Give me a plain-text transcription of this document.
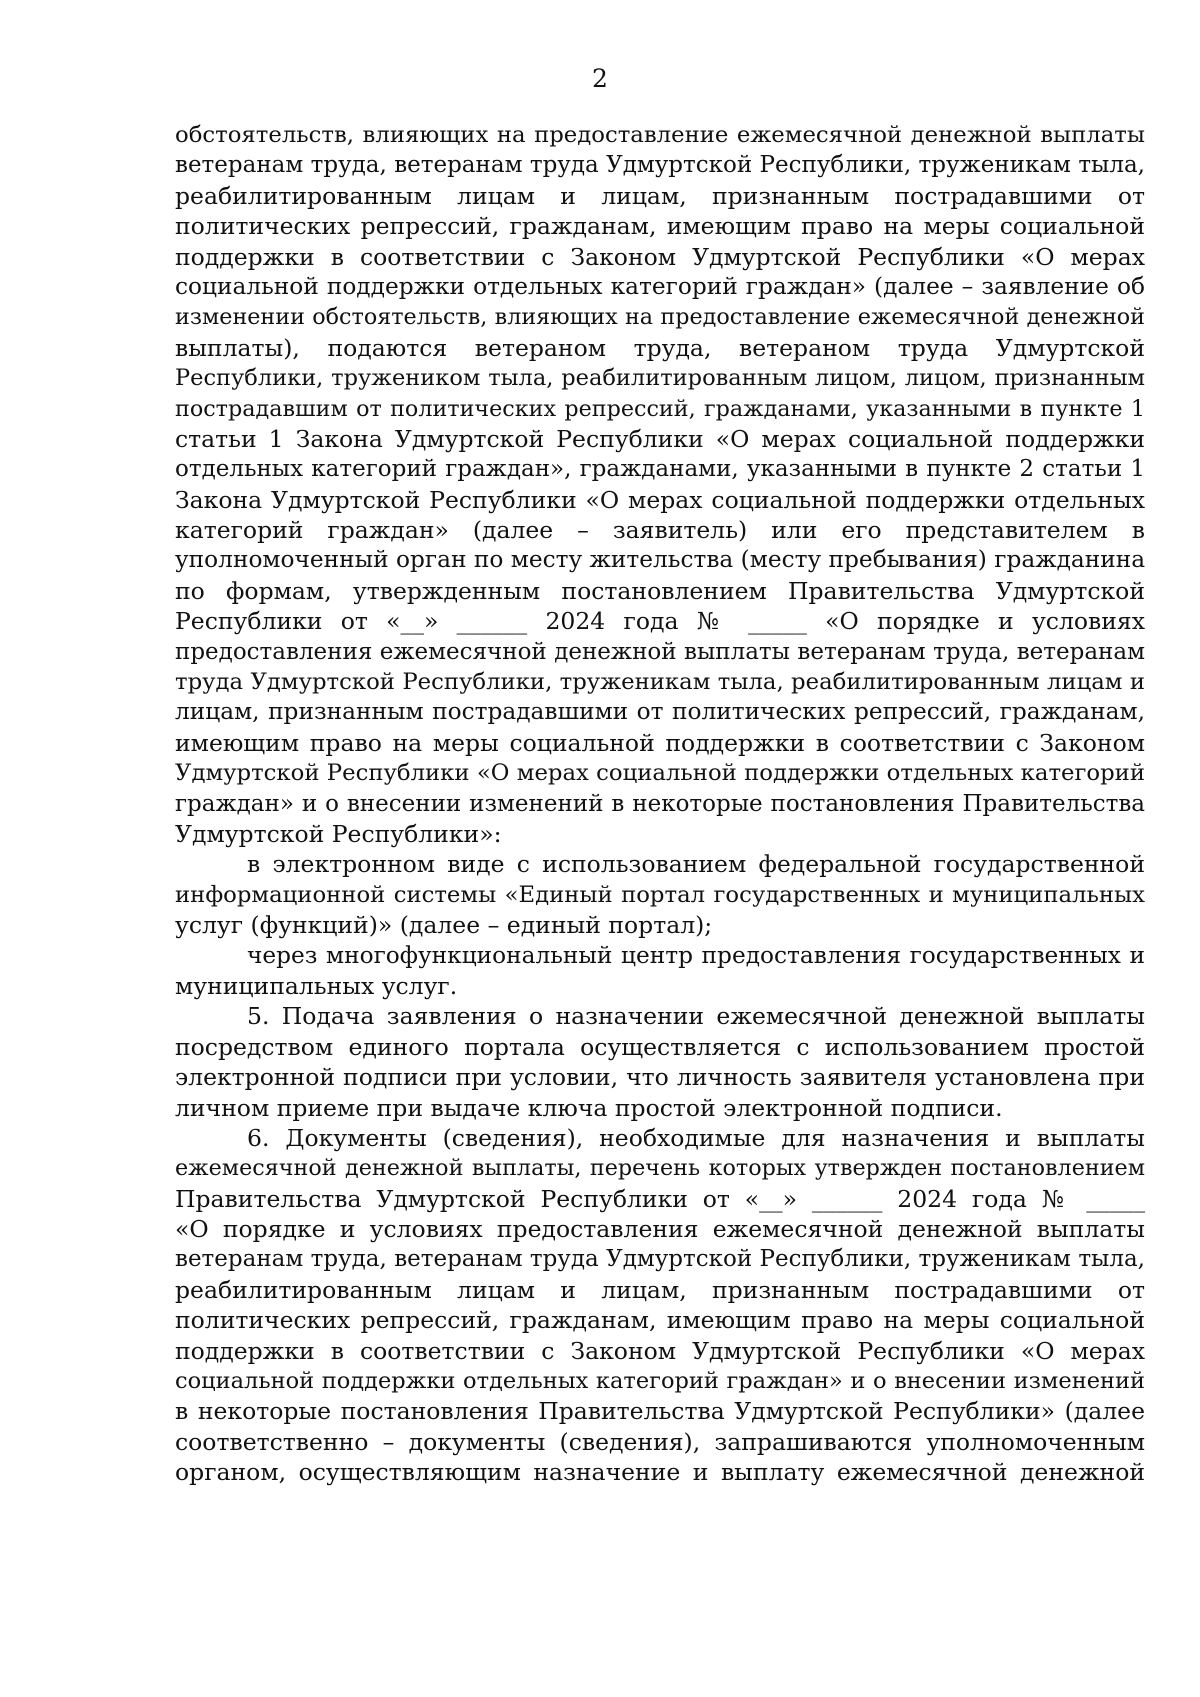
2
обстоятельств, влияющих на предоставление ежемесячной денежной выплаты
ветеранам труда, ветеранам труда Удмуртской Республики, труженикам тыла,
реабилитированным лицам и лицам, признанным пострадавшими от
политических репрессий, гражданам, имеющим право на меры социальной
поддержки в соответствии с Законом Удмуртской Республики «О мерах
социальной поддержки отдельных категорий граждан» (далее – заявление об
изменении обстоятельств, влияющих на предоставление ежемесячной денежной
выплаты), подаются ветераном труда, ветераном труда Удмуртской
Республики, тружеником тыла, реабилитированным лицом, лицом, признанным
пострадавшим от политических репрессий, гражданами, указанными в пункте 1
статьи 1 Закона Удмуртской Республики «О мерах социальной поддержки
отдельных категорий граждан», гражданами, указанными в пункте 2 статьи 1
Закона Удмуртской Республики «О мерах социальной поддержки отдельных
категорий граждан» (далее – заявитель) или его представителем в
уполномоченный орган по месту жительства (месту пребывания) гражданина
по формам, утвержденным постановлением Правительства Удмуртской
Республики от «__» ______ 2024 года № _____ «О порядке и условиях
предоставления ежемесячной денежной выплаты ветеранам труда, ветеранам
труда Удмуртской Республики, труженикам тыла, реабилитированным лицам и
лицам, признанным пострадавшими от политических репрессий, гражданам,
имеющим право на меры социальной поддержки в соответствии с Законом
Удмуртской Республики «О мерах социальной поддержки отдельных категорий
граждан» и о внесении изменений в некоторые постановления Правительства
Удмуртской Республики»:
в электронном виде с использованием федеральной государственной
информационной системы «Единый портал государственных и муниципальных
услуг (функций)» (далее – единый портал);
через многофункциональный центр предоставления государственных и
муниципальных услуг.
5. Подача заявления о назначении ежемесячной денежной выплаты
посредством единого портала осуществляется с использованием простой
электронной подписи при условии, что личность заявителя установлена при
личном приеме при выдаче ключа простой электронной подписи.
6. Документы (сведения), необходимые для назначения и выплаты
ежемесячной денежной выплаты, перечень которых утвержден постановлением
Правительства Удмуртской Республики от «__» ______ 2024 года № _____
«О порядке и условиях предоставления ежемесячной денежной выплаты
ветеранам труда, ветеранам труда Удмуртской Республики, труженикам тыла,
реабилитированным лицам и лицам, признанным пострадавшими от
политических репрессий, гражданам, имеющим право на меры социальной
поддержки в соответствии с Законом Удмуртской Республики «О мерах
социальной поддержки отдельных категорий граждан» и о внесении изменений
в некоторые постановления Правительства Удмуртской Республики» (далее
соответственно – документы (сведения), запрашиваются уполномоченным
органом, осуществляющим назначение и выплату ежемесячной денежной
